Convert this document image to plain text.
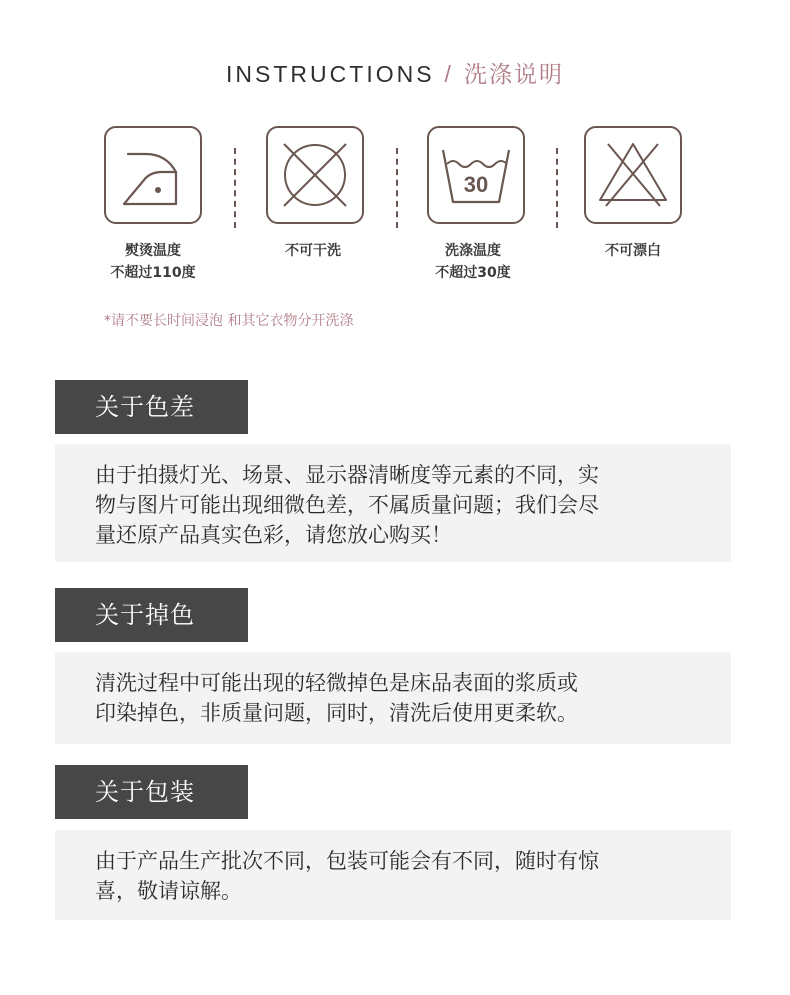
INSTRUCTIONS / 洗涤说明
30
熨烫温度
不超过110度
不可干洗	洗涤温度
不超过30度
不可漂白
*请不要长时间浸泡 和其它衣物分开洗涤
关于色差
由于拍摄灯光、场景、显示器清晰度等元素的不同，实
物与图片可能出现细微色差，不属质量问题；我们会尽
量还原产品真实色彩，请您放心购买！
关于掉色
清洗过程中可能出现的轻微掉色是床品表面的浆质或
印染掉色，非质量问题，同时，清洗后使用更柔软。
关于包装
由于产品生产批次不同，包装可能会有不同，随时有惊
喜，敬请谅解。
